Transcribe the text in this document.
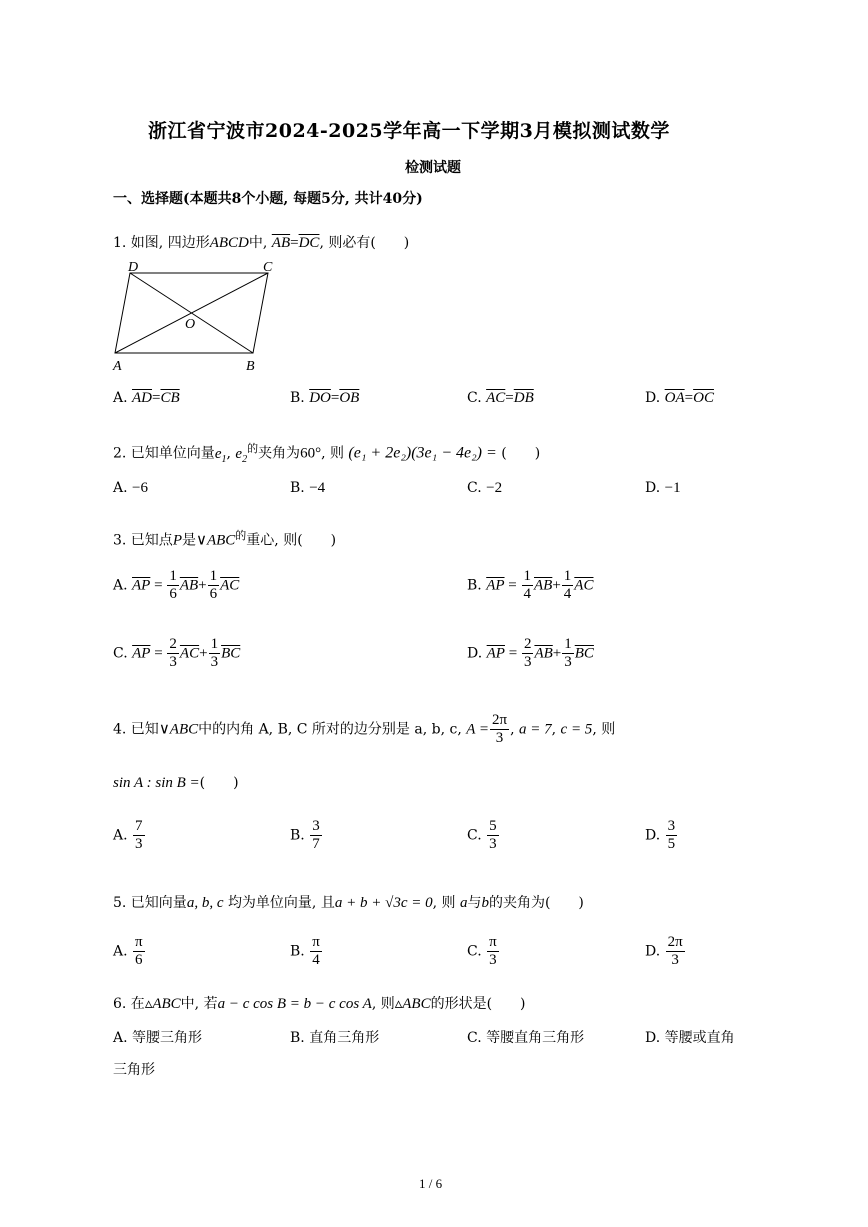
浙江省宁波市2024-2025学年高一下学期3月模拟测试数学
检测试题
一、选择题(本题共8个小题, 每题5分, 共计40分)
1. 如图, 四边形ABCD中, $\overline{AB}=\overline{DC}$, 则必有(　　)
D	C
O
A	B
A. $\overline{AD}=\overline{CB}$	B. $\overline{DO}=\overline{OB}$	C. $\overline{AC}=\overline{DB}$	D. $\overline{OA}=\overline{OC}$
2. 已知单位向量$e_1$, $e_2^的$夹角为60°, 则 (e₁ + 2e₂)(3e₁ − 4e₂) = (　　)
A. −6	B. −4	C. −2	D. −1
3. 已知点P是$\vee ABC^的$重心, 则(　　)
A. $\overline{AP} = \frac{1}{6} \overline{AB}+ \frac{1}{6} \overline{AC}$	B. $\overline{AP} = \frac{1}{4} \overline{AB}+ \frac{1}{4} \overline{AC}$
C. $\overline{AP} = \frac{2}{3} \overline{AC}+ \frac{1}{3} \overline{BC}$	D. $\overline{AP} = \frac{2}{3} \overline{AB}+ \frac{1}{3} \overline{BC}$
4. 已知∨ABC中的内角 A, B, C 所对的边分别是 a, b, c, $A = \frac{2\pi}{3}$ , a = 7, c = 5, 则
sin A : sin B =(　　)
A. $\frac{7}{3}$	B. $\frac{3}{7}$	C. $\frac{5}{3}$	D. $\frac{3}{5}$
5. 已知向量a, b, c 均为单位向量, 且a + b + √3c = 0, 则 a与b的夹角为(　　)
A. $\frac{\pi}{6}$	B. $\frac{\pi}{4}$	C. $\frac{\pi}{3}$	D. $\frac{2\pi}{3}$
6. 在▵ABC中, 若a − c cos B = b − c cos A, 则▵ABC的形状是(　　)
A. 等腰三角形	B. 直角三角形	C. 等腰直角三角形	D. 等腰或直角
三角形
1 / 6
